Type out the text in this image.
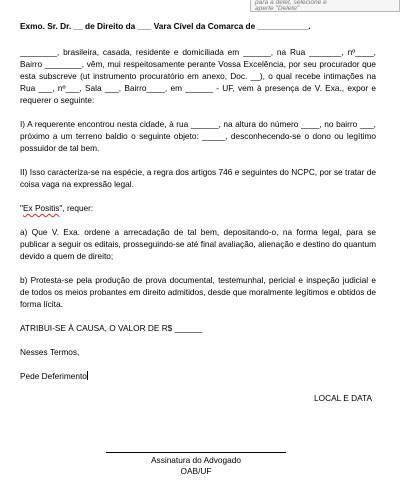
para a delet, selecione e
aperte "Delete"
Exmo. Sr. Dr. __ de Direito da ___ Vara Cível da Comarca de ___________.

________, brasileira, casada, residente e domiciliada em ______, na Rua _______, nº____, Bairro ________, vêm, mui respeitosamente perante Vossa Excelência, por seu procurador que esta subscreve (ut instrumento procuratório em anexo, Doc. __), o qual recebe intimações na Rua ___, nº___, Sala ___, Bairro____, em ______ - UF, vem à presença de V. Exa., expor e requerer o seguinte:

I) A requerente encontrou nesta cidade, à rua ______, na altura do número ____, no bairro ___, próximo a um terreno baldio o seguinte objeto: _____, desconhecendo-se o dono ou legítimo possuidor de tal bem.

II) Isso caracteriza-se na espécie, a regra dos artigos 746 e seguintes do NCPC, por se tratar de coisa vaga na expressão legal.

"Ex Positis", requer:

a) Que V. Exa. ordene a arrecadação de tal bem, depositando-o, na forma legal, para se publicar a seguir os editais, prosseguindo-se até final avaliação, alienação e destino do quantum devido a quem de direito;

b) Protesta-se pela produção de prova documental, testemunhal, pericial e inspeção judicial e de todos os meios probantes em direito admitidos, desde que moralmente legítimos e obtidos de forma lícita.

ATRIBUI-SE À CAUSA, O VALOR DE R$ ______

Nesses Termos,

Pede Deferimento

LOCAL E DATA
Assinatura do Advogado
OAB/UF
